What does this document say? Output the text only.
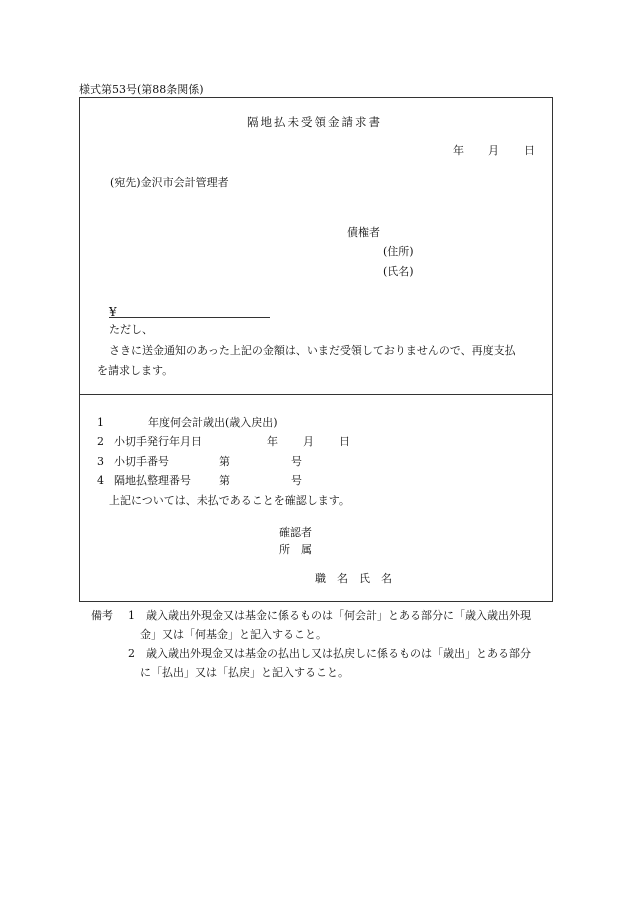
様式第53号(第88条関係)
隔地払未受領金請求書
年 月 日
(宛先)金沢市会計管理者
債権者
(住所)
(氏名)
¥
ただし、
さきに送金通知のあった上記の金額は、いまだ受領しておりませんので、再度支払
を請求します。
1	年度何会計歳出(歳入戻出)
2 小切手発行年月日	年 月 日
3 小切手番号	第	号
4 隔地払整理番号	第	号
上記については、未払であることを確認します。
確認者
所　属
職　名　氏　名
備考 1 歳入歳出外現金又は基金に係るものは「何会計」とある部分に「歳入歳出外現
金」又は「何基金」と記入すること。
2 歳入歳出外現金又は基金の払出し又は払戻しに係るものは「歳出」とある部分
に「払出」又は「払戻」と記入すること。
